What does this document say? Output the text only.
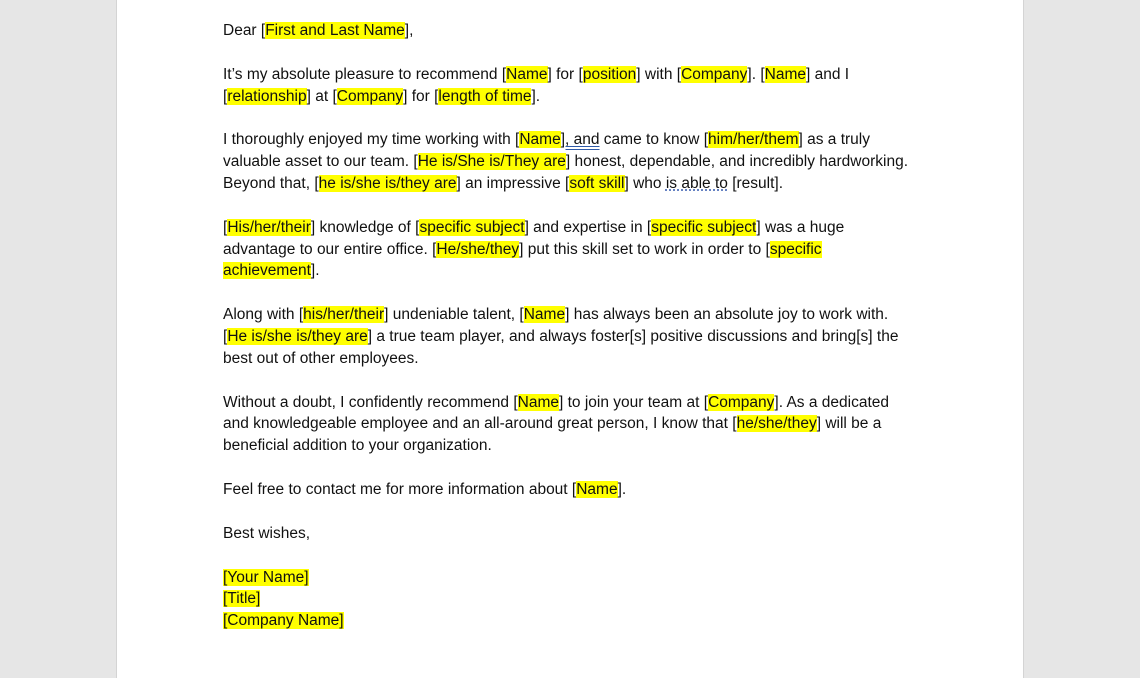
Dear [First and Last Name],

It’s my absolute pleasure to recommend [Name] for [position] with [Company]. [Name] and I [relationship] at [Company] for [length of time].

I thoroughly enjoyed my time working with [Name], and came to know [him/her/them] as a truly valuable asset to our team. [He is/She is/They are] honest, dependable, and incredibly hardworking. Beyond that, [he is/she is/they are] an impressive [soft skill] who is able to [result].

[His/her/their] knowledge of [specific subject] and expertise in [specific subject] was a huge advantage to our entire office. [He/she/they] put this skill set to work in order to [specific achievement].

Along with [his/her/their] undeniable talent, [Name] has always been an absolute joy to work with. [He is/she is/they are] a true team player, and always foster[s] positive discussions and bring[s] the best out of other employees.

Without a doubt, I confidently recommend [Name] to join your team at [Company]. As a dedicated and knowledgeable employee and an all-around great person, I know that [he/she/they] will be a beneficial addition to your organization.

Feel free to contact me for more information about [Name].

Best wishes,

[Your Name]
[Title]
[Company Name]
